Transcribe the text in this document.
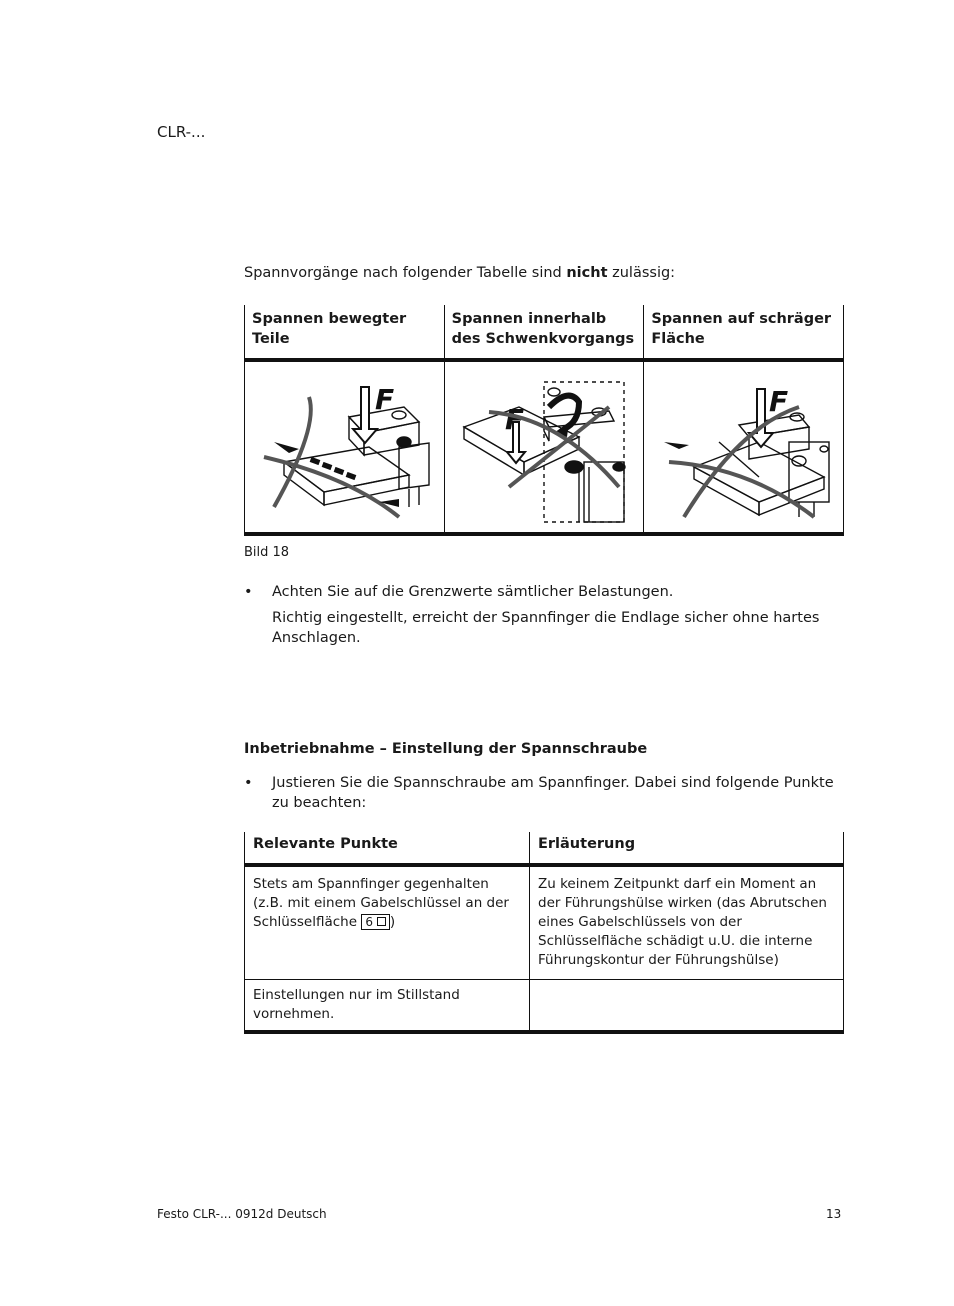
CLR-...
Spannvorgänge nach folgender Tabelle sind nicht zulässig:
Spannen bewegter Teile	Spannen innerhalb des Schwenkvorgangs	Spannen auf schräger Fläche

F	F	F
Bild 18
• Achten Sie auf die Grenzwerte sämtlicher Belastungen.
Richtig eingestellt, erreicht der Spannfinger die Endlage sicher ohne hartes Anschlagen.
Inbetriebnahme – Einstellung der Spannschraube
• Justieren Sie die Spannschraube am Spannfinger. Dabei sind folgende Punkte zu beachten:
Relevante Punkte	Erläuterung
Stets am Spannfinger gegenhalten (z.B. mit einem Gabelschlüssel an der Schlüsselfläche 6 )	Zu keinem Zeitpunkt darf ein Moment an der Führungshülse wirken (das Abrutschen eines Gabelschlüssels von der Schlüsselfläche schädigt u.U. die interne Führungskontur der Führungshülse)
Einstellungen nur im Stillstand vornehmen.	
Festo CLR-... 0912d Deutsch	13
